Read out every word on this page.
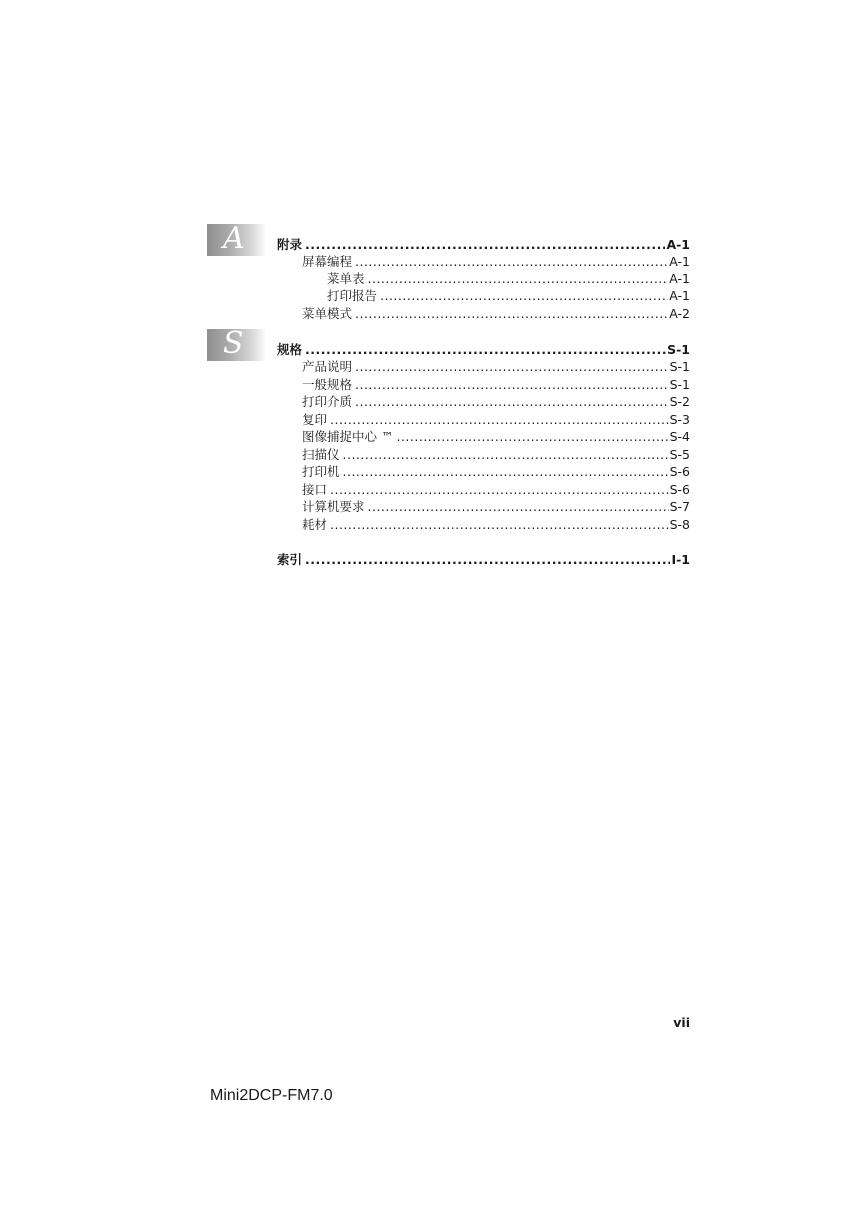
A
S
附录 .....	A-1
屏幕编程 .....	A-1
菜单表 .....	A-1
打印报告 .....	A-1
菜单模式 .....	A-2
规格 .....	S-1
产品说明 .....	S-1
一般规格 .....	S-1
打印介质 .....	S-2
复印 .....	S-3
图像捕捉中心 ™ .....	S-4
扫描仪 .....	S-5
打印机 .....	S-6
接口 .....	S-6
计算机要求 .....	S-7
耗材 .....	S-8
索引 .....	I-1
vii
Mini2DCP-FM7.0
